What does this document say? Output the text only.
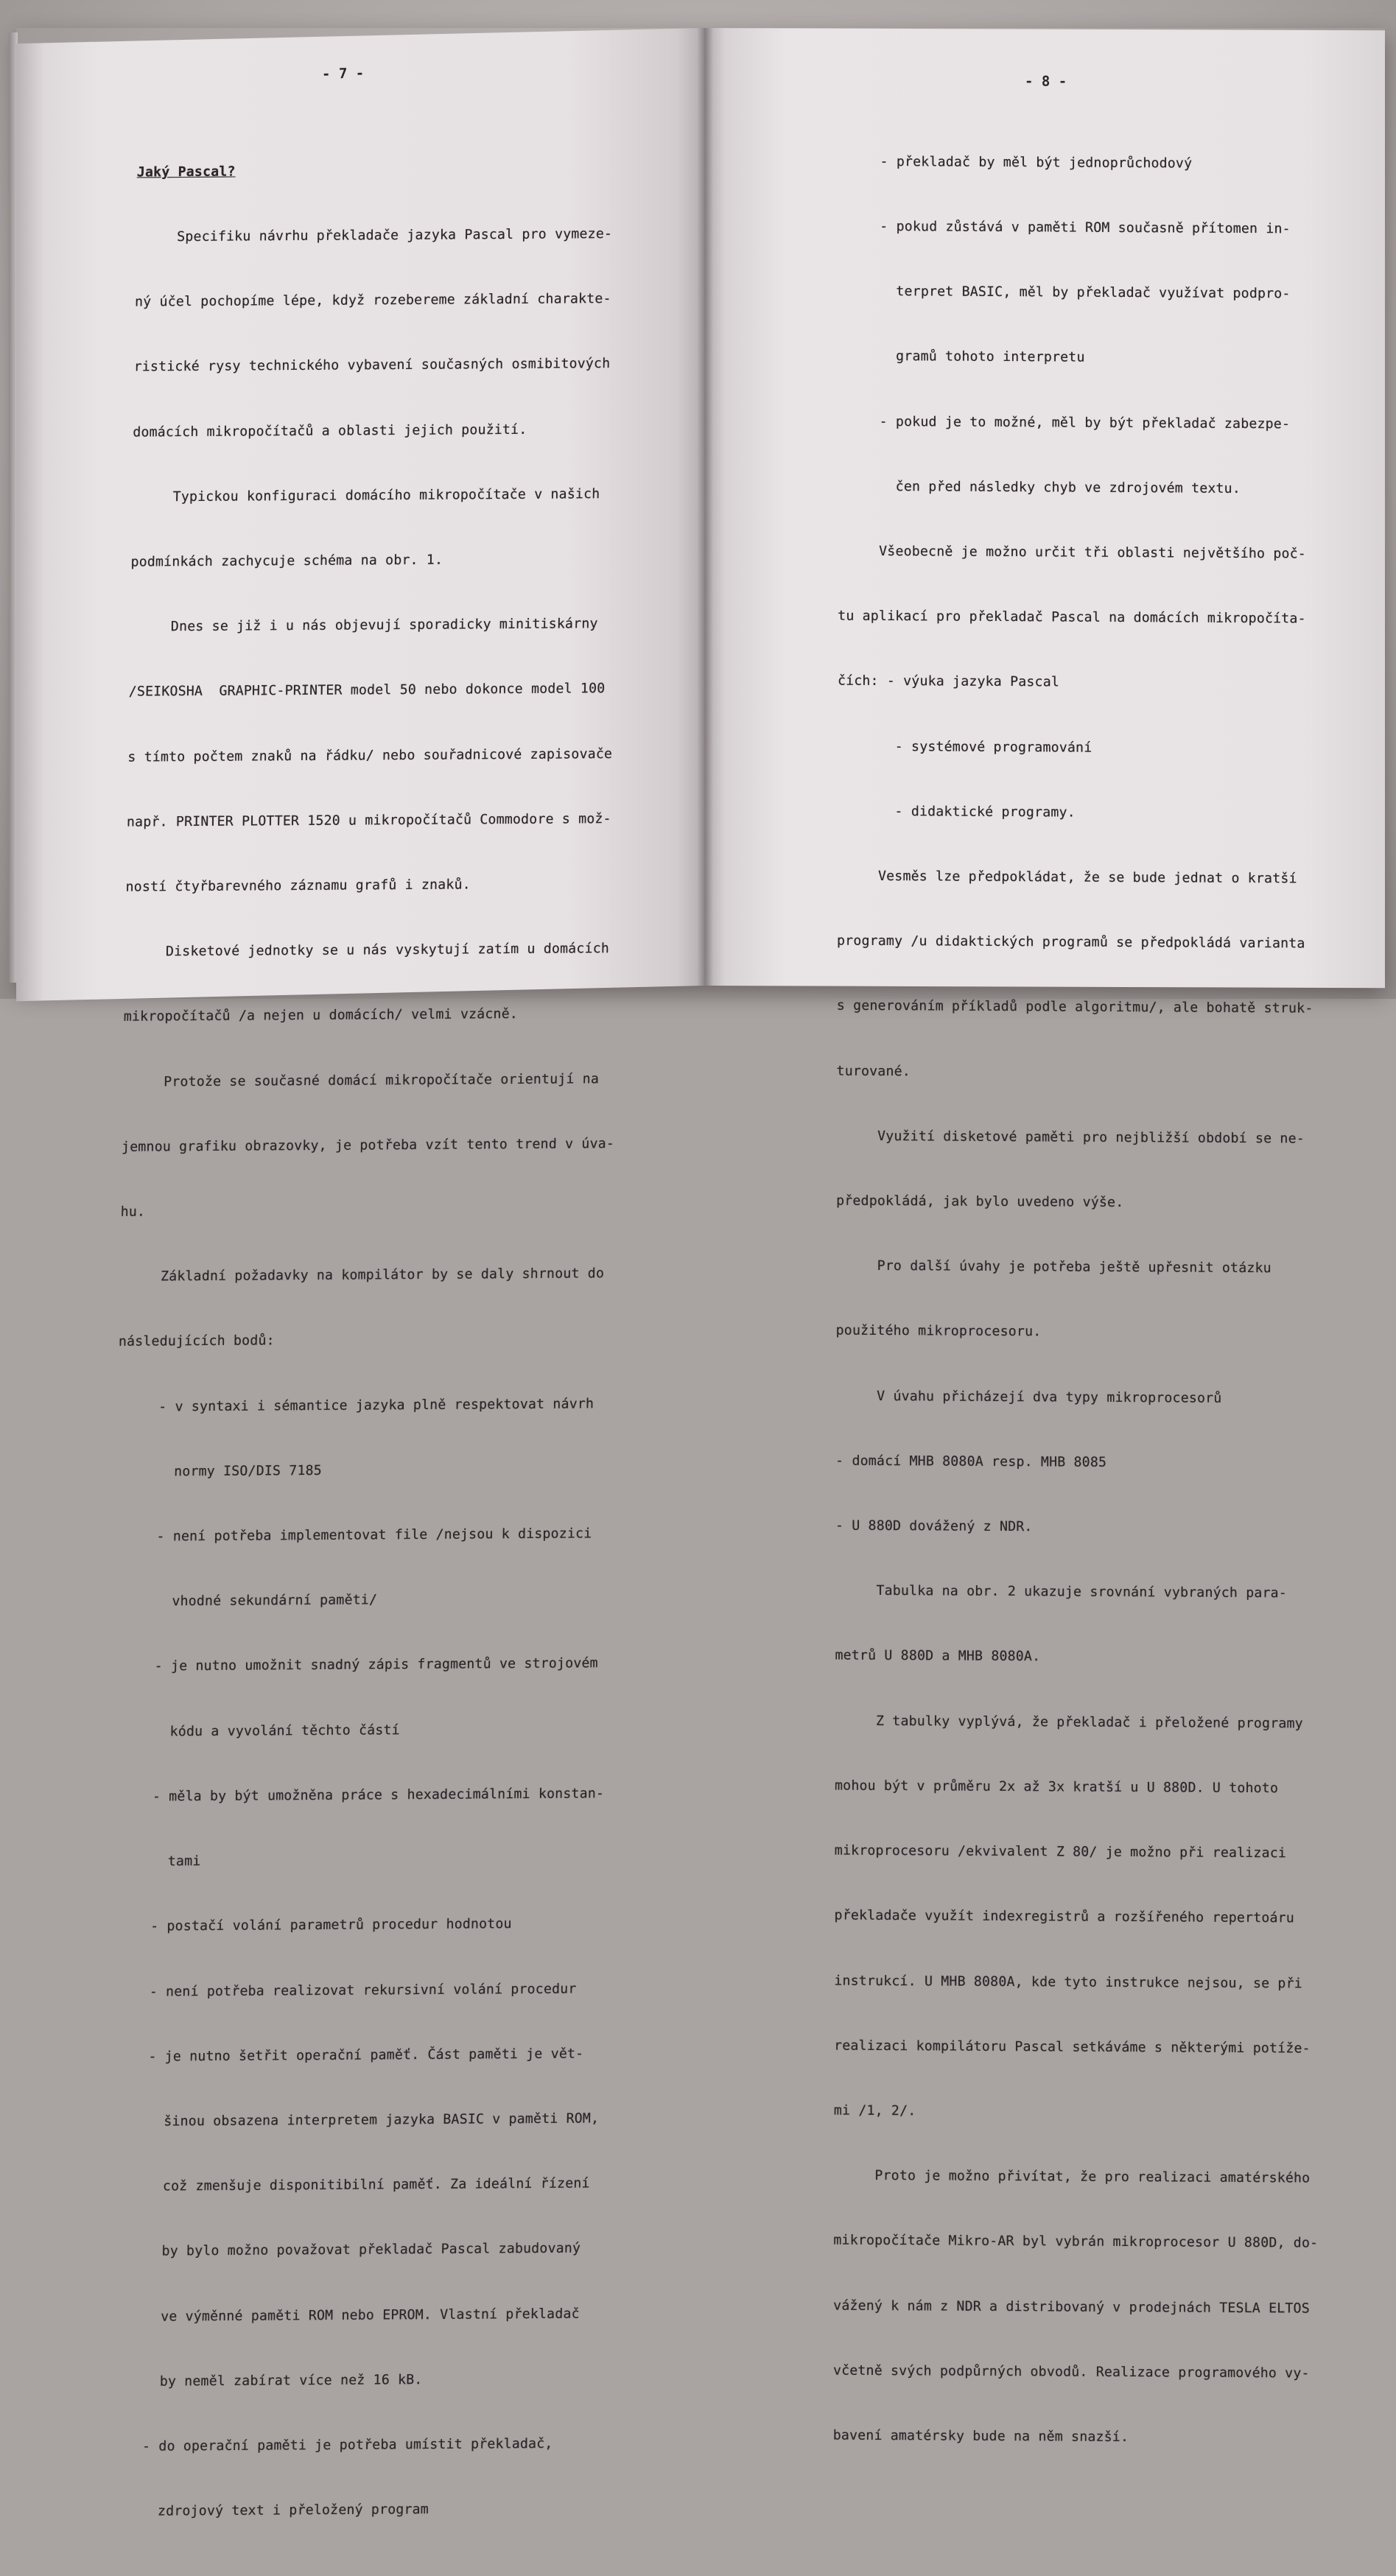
- 7 -

Jaký Pascal?

Specifiku návrhu překladače jazyka Pascal pro vymeze-

ný účel pochopíme lépe, když rozebereme základní charakte-

ristické rysy technického vybavení současných osmibitových

domácích mikropočítačů a oblasti jejich použití.

Typickou konfiguraci domácího mikropočítače v našich

podmínkách zachycuje schéma na obr. 1.

Dnes se již i u nás objevují sporadicky minitiskárny

/SEIKOSHA  GRAPHIC-PRINTER model 50 nebo dokonce model 100

s tímto počtem znaků na řádku/ nebo souřadnicové zapisovače

např. PRINTER PLOTTER 1520 u mikropočítačů Commodore s mož-

ností čtyřbarevného záznamu grafů i znaků.

Disketové jednotky se u nás vyskytují zatím u domácích

mikropočítačů /a nejen u domácích/ velmi vzácně.

Protože se současné domácí mikropočítače orientují na

jemnou grafiku obrazovky, je potřeba vzít tento trend v úva-

hu.

Základní požadavky na kompilátor by se daly shrnout do

následujících bodů:

- v syntaxi i sémantice jazyka plně respektovat návrh

normy ISO/DIS 7185

- není potřeba implementovat file /nejsou k dispozici

vhodné sekundární paměti/

- je nutno umožnit snadný zápis fragmentů ve strojovém

kódu a vyvolání těchto částí

- měla by být umožněna práce s hexadecimálními konstan-

tami

- postačí volání parametrů procedur hodnotou

- není potřeba realizovat rekursivní volání procedur

- je nutno šetřit operační paměť. Část paměti je vět-

šinou obsazena interpretem jazyka BASIC v paměti ROM,

což zmenšuje disponitibilní paměť. Za ideální řízení

by bylo možno považovat překladač Pascal zabudovaný

ve výměnné paměti ROM nebo EPROM. Vlastní překladač

by neměl zabírat více než 16 kB.

- do operační paměti je potřeba umístit překladač,

zdrojový text i přeložený program

- 8 -

- překladač by měl být jednoprůchodový

- pokud zůstává v paměti ROM současně přítomen in-

terpret BASIC, měl by překladač využívat podpro-

gramů tohoto interpretu

- pokud je to možné, měl by být překladač zabezpe-

čen před následky chyb ve zdrojovém textu.

Všeobecně je možno určit tři oblasti největšího poč-

tu aplikací pro překladač Pascal na domácích mikropočíta-

čích: - výuka jazyka Pascal

- systémové programování

- didaktické programy.

Vesměs lze předpokládat, že se bude jednat o kratší

programy /u didaktických programů se předpokládá varianta

s generováním příkladů podle algoritmu/, ale bohatě struk-

turované.

Využití disketové paměti pro nejbližší období se ne-

předpokládá, jak bylo uvedeno výše.

Pro další úvahy je potřeba ještě upřesnit otázku

použitého mikroprocesoru.

V úvahu přicházejí dva typy mikroprocesorů

- domácí MHB 8080A resp. MHB 8085

- U 880D dovážený z NDR.

Tabulka na obr. 2 ukazuje srovnání vybraných para-

metrů U 880D a MHB 8080A.

Z tabulky vyplývá, že překladač i přeložené programy

mohou být v průměru 2x až 3x kratší u U 880D. U tohoto

mikroprocesoru /ekvivalent Z 80/ je možno při realizaci

překladače využít indexregistrů a rozšířeného repertoáru

instrukcí. U MHB 8080A, kde tyto instrukce nejsou, se při

realizaci kompilátoru Pascal setkáváme s některými potíže-

mi /1, 2/.

Proto je možno přivítat, že pro realizaci amatérského

mikropočítače Mikro-AR byl vybrán mikroprocesor U 880D, do-

vážený k nám z NDR a distribovaný v prodejnách TESLA ELTOS

včetně svých podpůrných obvodů. Realizace programového vy-

bavení amatérsky bude na něm snazší.
